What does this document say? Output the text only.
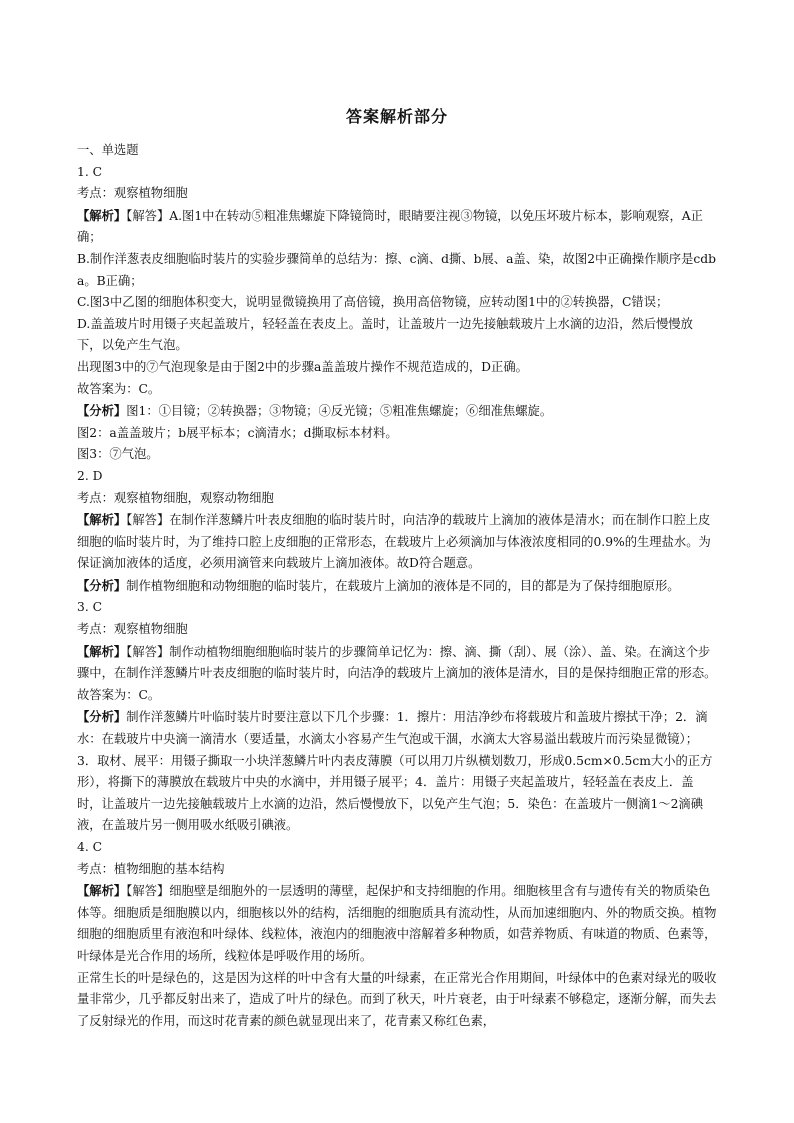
答案解析部分

一、单选题

1. C

考点：观察植物细胞

【解析】【解答】A.图1中在转动⑤粗准焦螺旋下降镜筒时，眼睛要注视③物镜，以免压坏玻片标本，影响观察，A正确；

B.制作洋葱表皮细胞临时装片的实验步骤简单的总结为：擦、c滴、d撕、b展、a盖、染，故图2中正确操作顺序是cdba。B正确；

C.图3中乙图的细胞体积变大，说明显微镜换用了高倍镜，换用高倍物镜，应转动图1中的②转换器，C错误；

D.盖盖玻片时用镊子夹起盖玻片，轻轻盖在表皮上。盖时，让盖玻片一边先接触载玻片上水滴的边沿，然后慢慢放下，以免产生气泡。

出现图3中的⑦气泡现象是由于图2中的步骤a盖盖玻片操作不规范造成的，D正确。

故答案为：C。

【分析】图1：①目镜；②转换器；③物镜；④反光镜；⑤粗准焦螺旋；⑥细准焦螺旋。

图2：a盖盖玻片；b展平标本；c滴清水；d撕取标本材料。

图3：⑦气泡。

2. D

考点：观察植物细胞，观察动物细胞

【解析】【解答】在制作洋葱鳞片叶表皮细胞的临时装片时，向洁净的载玻片上滴加的液体是清水；而在制作口腔上皮细胞的临时装片时，为了维持口腔上皮细胞的正常形态，在载玻片上必须滴加与体液浓度相同的0.9%的生理盐水。为保证滴加液体的适度，必须用滴管来向载玻片上滴加液体。故D符合题意。

【分析】制作植物细胞和动物细胞的临时装片，在载玻片上滴加的液体是不同的，目的都是为了保持细胞原形。

3. C

考点：观察植物细胞

【解析】【解答】制作动植物细胞细胞临时装片的步骤简单记忆为：擦、滴、撕（刮）、展（涂）、盖、染。在滴这个步骤中，在制作洋葱鳞片叶表皮细胞的临时装片时，向洁净的载玻片上滴加的液体是清水，目的是保持细胞正常的形态。故答案为：C。

【分析】制作洋葱鳞片叶临时装片时要注意以下几个步骤：1．擦片：用洁净纱布将载玻片和盖玻片擦拭干净；2．滴水：在载玻片中央滴一滴清水（要适量，水滴太小容易产生气泡或干涸，水滴太大容易溢出载玻片而污染显微镜）；3．取材、展平：用镊子撕取一小块洋葱鳞片叶内表皮薄膜（可以用刀片纵横划数刀，形成0.5cm×0.5cm大小的正方形），将撕下的薄膜放在载玻片中央的水滴中，并用镊子展平；4．盖片：用镊子夹起盖玻片，轻轻盖在表皮上．盖时，让盖玻片一边先接触载玻片上水滴的边沿，然后慢慢放下，以免产生气泡；5．染色：在盖玻片一侧滴1～2滴碘液，在盖玻片另一侧用吸水纸吸引碘液。

4. C

考点：植物细胞的基本结构

【解析】【解答】细胞壁是细胞外的一层透明的薄壁，起保护和支持细胞的作用。细胞核里含有与遗传有关的物质染色体等。细胞质是细胞膜以内，细胞核以外的结构，活细胞的细胞质具有流动性，从而加速细胞内、外的物质交换。植物细胞的细胞质里有液泡和叶绿体、线粒体，液泡内的细胞液中溶解着多种物质，如营养物质、有味道的物质、色素等，叶绿体是光合作用的场所，线粒体是呼吸作用的场所。

正常生长的叶是绿色的，这是因为这样的叶中含有大量的叶绿素，在正常光合作用期间，叶绿体中的色素对绿光的吸收量非常少，几乎都反射出来了，造成了叶片的绿色。而到了秋天，叶片衰老，由于叶绿素不够稳定，逐渐分解，而失去了反射绿光的作用，而这时花青素的颜色就显现出来了，花青素又称红色素，
